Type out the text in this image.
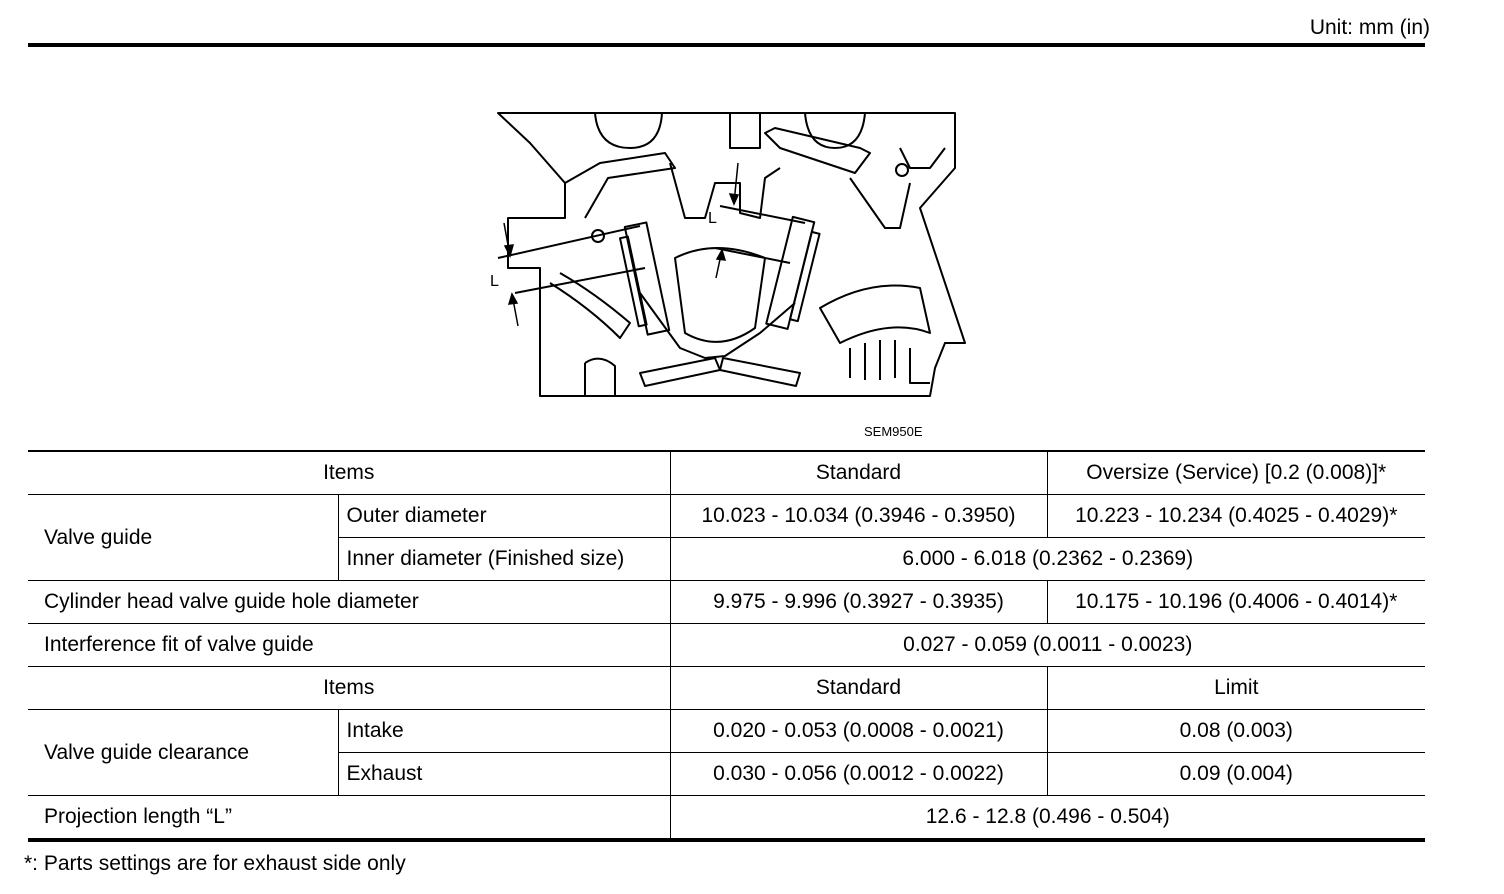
Unit: mm (in)
L
L
SEM950E
Items		Standard	Oversize (Service) [0.2 (0.008)]*
Valve guide	Outer diameter	10.023 - 10.034 (0.3946 - 0.3950)	10.223 - 10.234 (0.4025 - 0.4029)*
	Inner diameter (Finished size)	6.000 - 6.018 (0.2362 - 0.2369)	
Cylinder head valve guide hole diameter		9.975 - 9.996 (0.3927 - 0.3935)	10.175 - 10.196 (0.4006 - 0.4014)*
Interference fit of valve guide		0.027 - 0.059 (0.0011 - 0.0023)	
Items		Standard	Limit
Valve guide clearance	Intake	0.020 - 0.053 (0.0008 - 0.0021)	0.08 (0.003)
	Exhaust	0.030 - 0.056 (0.0012 - 0.0022)	0.09 (0.004)
Projection length “L”		12.6 - 12.8 (0.496 - 0.504)	
*: Parts settings are for exhaust side only
